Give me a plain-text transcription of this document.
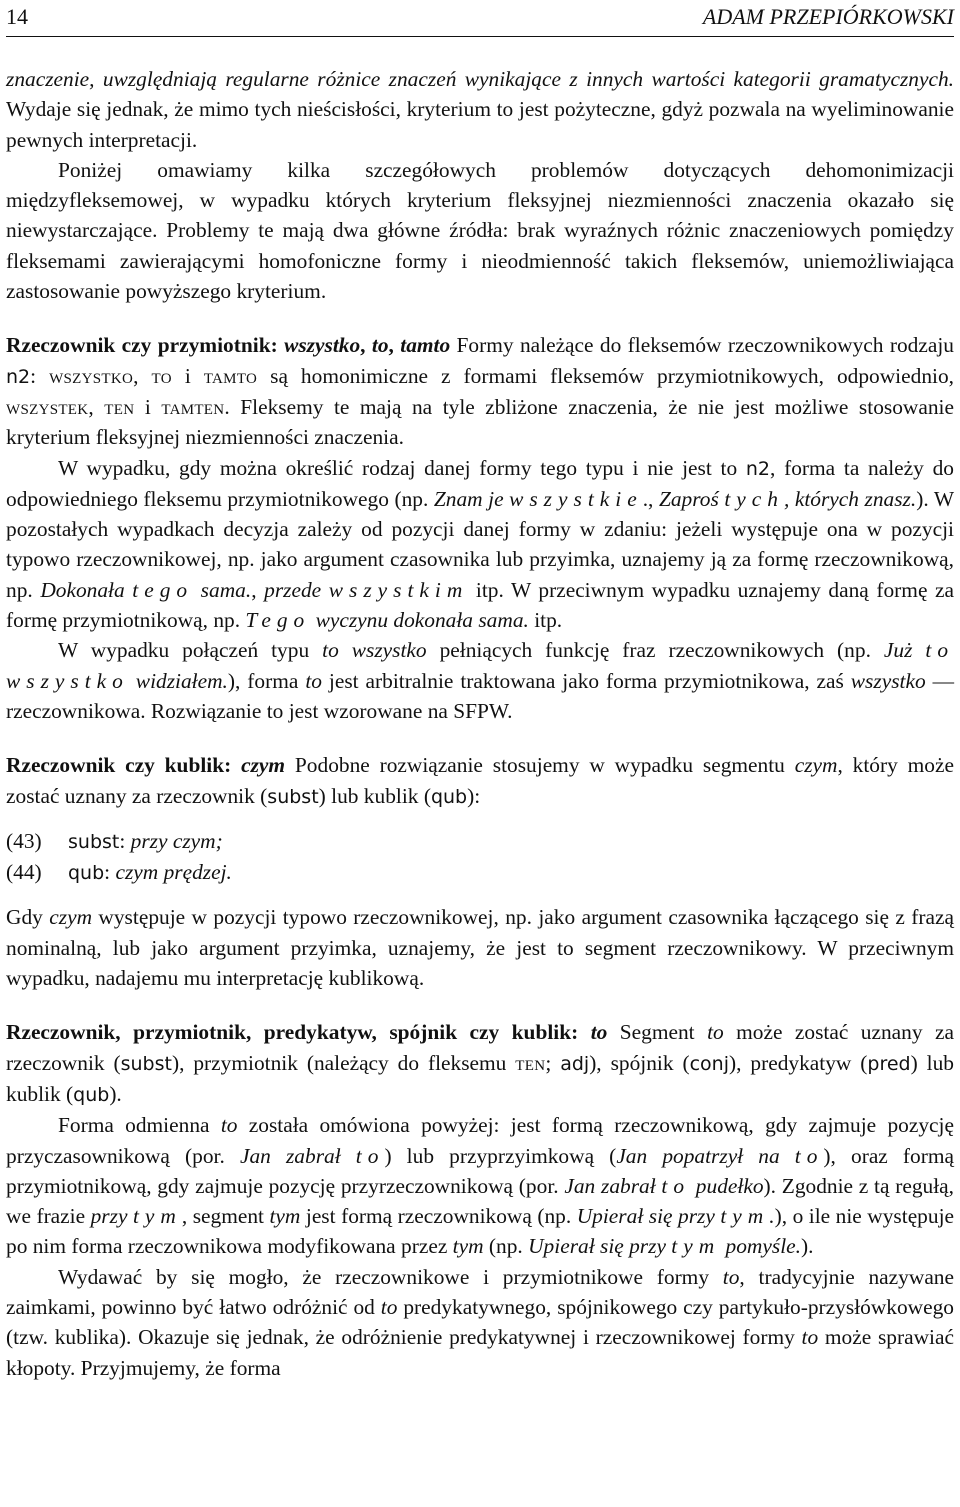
14	ADAM PRZEPIÓRKOWSKI

znaczenie, uwzględniają regularne różnice znaczeń wynikające z innych wartości kategorii gramatycznych. Wydaje się jednak, że mimo tych nieścisłości, kryterium to jest pożyteczne, gdyż pozwala na wyeliminowanie pewnych interpretacji.

Poniżej omawiamy kilka szczegółowych problemów dotyczących dehomonimizacji międzyfleksemowej, w wypadku których kryterium fleksyjnej niezmienności znaczenia okazało się niewystarczające. Problemy te mają dwa główne źródła: brak wyraźnych różnic znaczeniowych pomiędzy fleksemami zawierającymi homofoniczne formy i nieodmienność takich fleksemów, uniemożliwiająca zastosowanie powyższego kryterium.

Rzeczownik czy przymiotnik: wszystko, to, tamto Formy należące do fleksemów rzeczownikowych rodzaju n2: wszystko, to i tamto są homonimiczne z formami fleksemów przymiotnikowych, odpowiednio, wszystek, ten i tamten. Fleksemy te mają na tyle zbliżone znaczenia, że nie jest możliwe stosowanie kryterium fleksyjnej niezmienności znaczenia.

W wypadku, gdy można określić rodzaj danej formy tego typu i nie jest to n2, forma ta należy do odpowiedniego fleksemu przymiotnikowego (np. Znam je wszystkie., Zaproś tych, których znasz.). W pozostałych wypadkach decyzja zależy od pozycji danej formy w zdaniu: jeżeli występuje ona w pozycji typowo rzeczownikowej, np. jako argument czasownika lub przyimka, uznajemy ją za formę rzeczownikową, np. Dokonała tego sama., przede wszystkim itp. W przeciwnym wypadku uznajemy daną formę za formę przymiotnikową, np. Tego wyczynu dokonała sama. itp.

W wypadku połączeń typu to wszystko pełniących funkcję fraz rzeczownikowych (np. Już to wszystko widziałem.), forma to jest arbitralnie traktowana jako forma przymiotnikowa, zaś wszystko — rzeczownikowa. Rozwiązanie to jest wzorowane na SFPW.

Rzeczownik czy kublik: czym Podobne rozwiązanie stosujemy w wypadku segmentu czym, który może zostać uznany za rzeczownik (subst) lub kublik (qub):

(43) subst: przy czym;
(44) qub: czym prędzej.

Gdy czym występuje w pozycji typowo rzeczownikowej, np. jako argument czasownika łączącego się z frazą nominalną, lub jako argument przyimka, uznajemy, że jest to segment rzeczownikowy. W przeciwnym wypadku, nadajemu mu interpretację kublikową.

Rzeczownik, przymiotnik, predykatyw, spójnik czy kublik: to Segment to może zostać uznany za rzeczownik (subst), przymiotnik (należący do fleksemu ten; adj), spójnik (conj), predykatyw (pred) lub kublik (qub).

Forma odmienna to została omówiona powyżej: jest formą rzeczownikową, gdy zajmuje pozycję przyczasownikową (por. Jan zabrał to) lub przyprzyimkową (Jan popatrzył na to), oraz formą przymiotnikową, gdy zajmuje pozycję przyrzeczownikową (por. Jan zabrał to pudełko). Zgodnie z tą regułą, we frazie przy tym, segment tym jest formą rzeczownikową (np. Upierał się przy tym.), o ile nie występuje po nim forma rzeczownikowa modyfikowana przez tym (np. Upierał się przy tym pomyśle.).

Wydawać by się mogło, że rzeczownikowe i przymiotnikowe formy to, tradycyjnie nazywane zaimkami, powinno być łatwo odróżnić od to predykatywnego, spójnikowego czy partykuło-przysłówkowego (tzw. kublika). Okazuje się jednak, że odróżnienie predykatywnej i rzeczownikowej formy to może sprawiać kłopoty. Przyjmujemy, że forma
